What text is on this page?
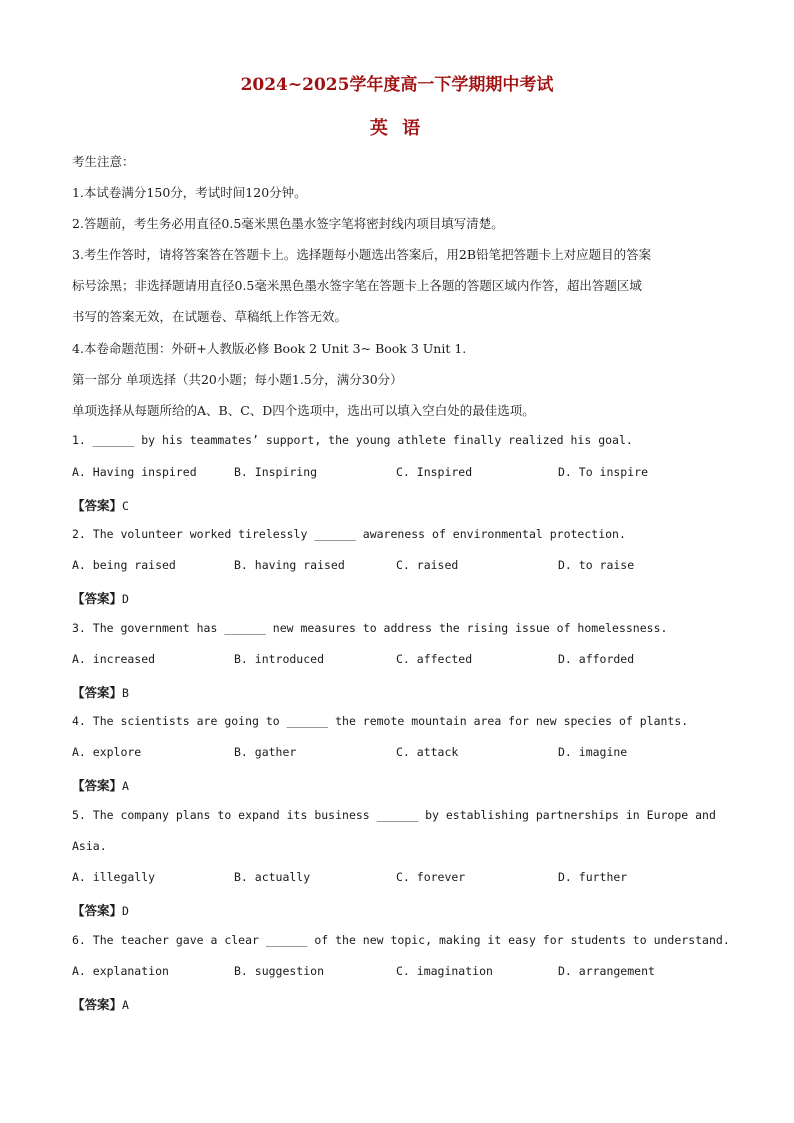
2024~2025学年度高一下学期期中考试
英 语
考生注意：
1.本试卷满分150分，考试时间120分钟。
2.答题前，考生务必用直径0.5毫米黑色墨水签字笔将密封线内项目填写清楚。
3.考生作答时，请将答案答在答题卡上。选择题每小题选出答案后，用2B铅笔把答题卡上对应题目的答案
标号涂黑；非选择题请用直径0.5毫米黑色墨水签字笔在答题卡上各题的答题区域内作答，超出答题区域
书写的答案无效，在试题卷、草稿纸上作答无效。
4.本卷命题范围：外研+人教版必修 Book 2 Unit 3~ Book 3 Unit 1.
第一部分 单项选择（共20小题；每小题1.5分，满分30分）
单项选择从每题所给的A、B、C、D四个选项中，选出可以填入空白处的最佳选项。
1. ______ by his teammates’ support, the young athlete finally realized his goal.
A. Having inspired	B. Inspiring	C. Inspired	D. To inspire
【答案】C
2. The volunteer worked tirelessly ______ awareness of environmental protection.
A. being raised	B. having raised	C. raised	D. to raise
【答案】D
3. The government has ______ new measures to address the rising issue of homelessness.
A. increased	B. introduced	C. affected	D. afforded
【答案】B
4. The scientists are going to ______ the remote mountain area for new species of plants.
A. explore	B. gather	C. attack	D. imagine
【答案】A
5. The company plans to expand its business ______ by establishing partnerships in Europe and
Asia.
A. illegally	B. actually	C. forever	D. further
【答案】D
6. The teacher gave a clear ______ of the new topic, making it easy for students to understand.
A. explanation	B. suggestion	C. imagination	D. arrangement
【答案】A
